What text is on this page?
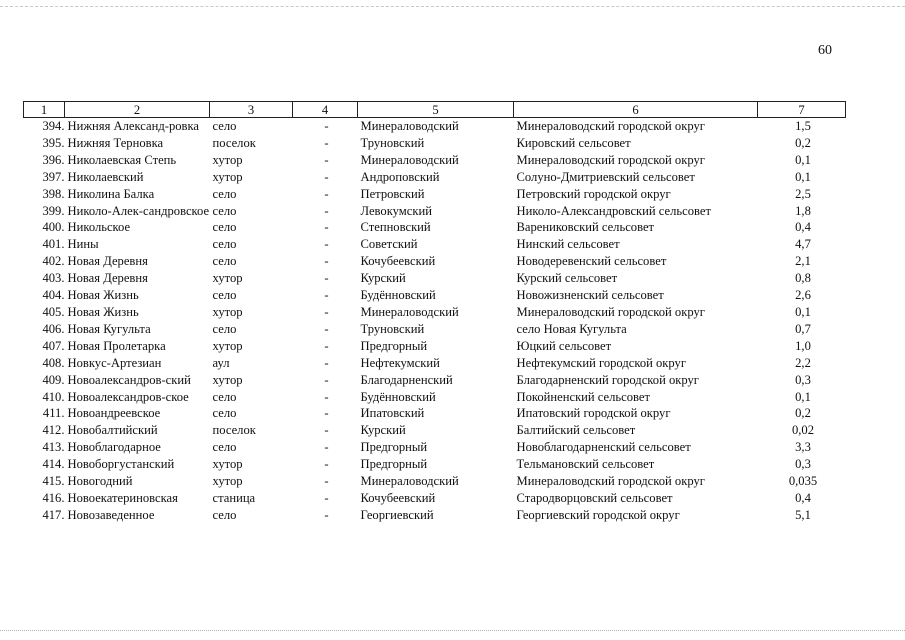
60
1	2	3	4	5	6	7
394.	Нижняя Александ-ровка	село	-	Минераловодский	Минераловодский городской округ	1,5
395.	Нижняя Терновка	поселок	-	Труновский	Кировский сельсовет	0,2
396.	Николаевская Степь	хутор	-	Минераловодский	Минераловодский городской округ	0,1
397.	Николаевский	хутор	-	Андроповский	Солуно-Дмитриевский сельсовет	0,1
398.	Николина Балка	село	-	Петровский	Петровский городской округ	2,5
399.	Николо-Алек-сандровское	село	-	Левокумский	Николо-Александровский сельсовет	1,8
400.	Никольское	село	-	Степновский	Варениковский сельсовет	0,4
401.	Нины	село	-	Советский	Нинский сельсовет	4,7
402.	Новая Деревня	село	-	Кочубеевский	Новодеревенский сельсовет	2,1
403.	Новая Деревня	хутор	-	Курский	Курский сельсовет	0,8
404.	Новая Жизнь	село	-	Будённовский	Новожизненский сельсовет	2,6
405.	Новая Жизнь	хутор	-	Минераловодский	Минераловодский городской округ	0,1
406.	Новая Кугульта	село	-	Труновский	село Новая Кугульта	0,7
407.	Новая Пролетарка	хутор	-	Предгорный	Юцкий сельсовет	1,0
408.	Новкус-Артезиан	аул	-	Нефтекумский	Нефтекумский городской округ	2,2
409.	Новоалександров-ский	хутор	-	Благодарненский	Благодарненский городской округ	0,3
410.	Новоалександров-ское	село	-	Будённовский	Покойненский сельсовет	0,1
411.	Новоандреевское	село	-	Ипатовский	Ипатовский городской округ	0,2
412.	Новобалтийский	поселок	-	Курский	Балтийский сельсовет	0,02
413.	Новоблагодарное	село	-	Предгорный	Новоблагодарненский сельсовет	3,3
414.	Новоборгустанский	хутор	-	Предгорный	Тельмановский сельсовет	0,3
415.	Новогодний	хутор	-	Минераловодский	Минераловодский городской округ	0,035
416.	Новоекатериновская	станица	-	Кочубеевский	Стародворцовский сельсовет	0,4
417.	Новозаведенное	село	-	Георгиевский	Георгиевский городской округ	5,1
